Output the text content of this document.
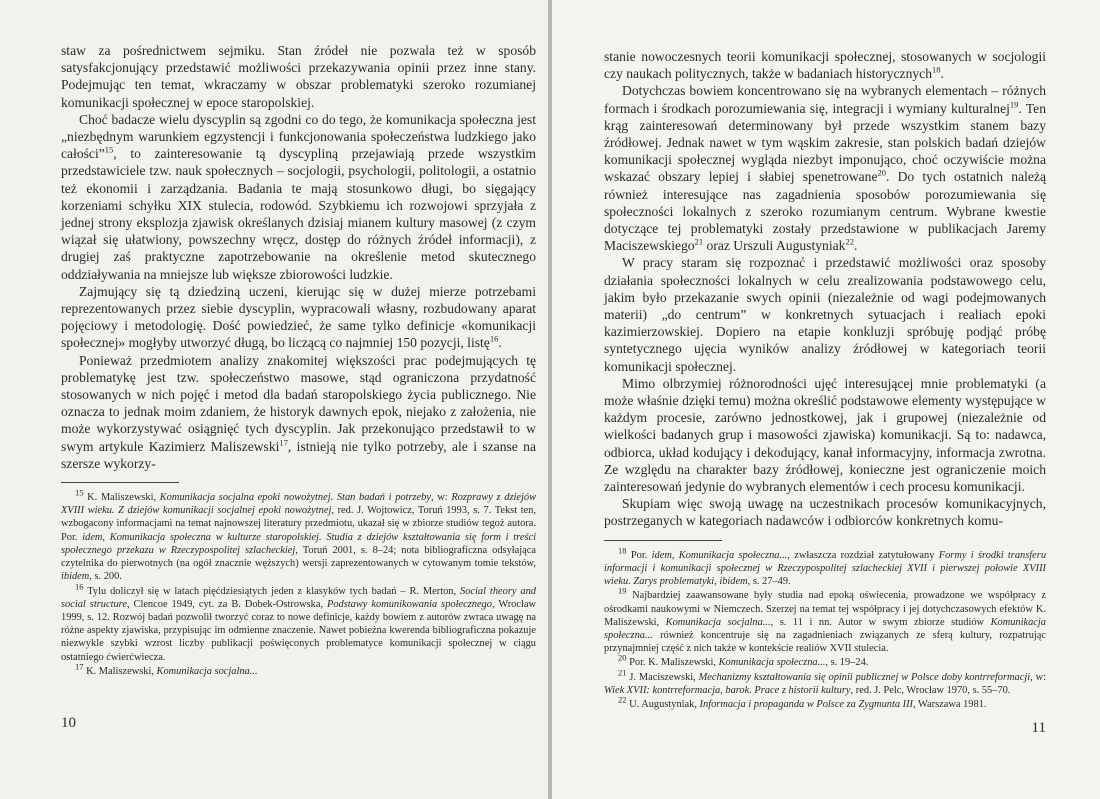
staw za pośrednictwem sejmiku. Stan źródeł nie pozwala też w sposób satysfakcjonujący przedstawić możliwości przekazywania opinii przez inne stany. Podejmując ten temat, wkraczamy w obszar problematyki szeroko rozumianej komunikacji społecznej w epoce staropolskiej.

Choć badacze wielu dyscyplin są zgodni co do tego, że komunikacja społeczna jest „niezbędnym warunkiem egzystencji i funkcjonowania społeczeństwa ludzkiego jako całości”$^{15}$, to zainteresowanie tą dyscypliną przejawiają przede wszystkim przedstawiciele tzw. nauk społecznych – socjologii, psychologii, politologii, a ostatnio też ekonomii i zarządzania. Badania te mają stosunkowo długi, bo sięgający korzeniami schyłku XIX stulecia, rodowód. Szybkiemu ich rozwojowi sprzyjała z jednej strony eksplozja zjawisk określanych dzisiaj mianem kultury masowej (z czym wiązał się ułatwiony, powszechny wręcz, dostęp do różnych źródeł informacji), z drugiej zaś praktyczne zapotrzebowanie na określenie metod skutecznego oddziaływania na mniejsze lub większe zbiorowości ludzkie.

Zajmujący się tą dziedziną uczeni, kierując się w dużej mierze potrzebami reprezentowanych przez siebie dyscyplin, wypracowali własny, rozbudowany aparat pojęciowy i metodologię. Dość powiedzieć, że same tylko definicje «komunikacji społecznej» mogłyby utworzyć długą, bo liczącą co najmniej 150 pozycji, listę$^{16}$.

Ponieważ przedmiotem analizy znakomitej większości prac podejmujących tę problematykę jest tzw. społeczeństwo masowe, stąd ograniczona przydatność stosowanych w nich pojęć i metod dla badań staropolskiego życia publicznego. Nie oznacza to jednak moim zdaniem, że historyk dawnych epok, niejako z założenia, nie może wykorzystywać osiągnięć tych dyscyplin. Jak przekonująco przedstawił to w swym artykule Kazimierz Maliszewski$^{17}$, istnieją nie tylko potrzeby, ale i szanse na szersze wykorzy-

$^{15}$ K. Maliszewski, Komunikacja socjalna epoki nowożytnej. Stan badań i potrzeby, w: Rozprawy z dziejów XVIII wieku. Z dziejów komunikacji socjalnej epoki nowożytnej, red. J. Wojtowicz, Toruń 1993, s. 7. Tekst ten, wzbogacony informacjami na temat najnowszej literatury przedmiotu, ukazał się w zbiorze studiów tegoż autora. Por. idem, Komunikacja społeczna w kulturze staropolskiej. Studia z dziejów kształtowania się form i treści społecznego przekazu w Rzeczypospolitej szlacheckiej, Toruń 2001, s. 8–24; nota bibliograficzna odsyłająca czytelnika do pierwotnych (na ogół znacznie węższych) wersji zaprezentowanych w cytowanym tomie tekstów, ibidem, s. 200.

$^{16}$ Tylu doliczył się w latach pięćdziesiątych jeden z klasyków tych badań – R. Merton, Social theory and social structure, Clencoe 1949, cyt. za B. Dobek-Ostrowska, Podstawy komunikowania społecznego, Wrocław 1999, s. 12. Rozwój badań pozwolił tworzyć coraz to nowe definicje, każdy bowiem z autorów zwraca uwagę na różne aspekty zjawiska, przypisując im odmienne znaczenie. Nawet pobieżna kwerenda bibliograficzna pokazuje niezwykle szybki wzrost liczby publikacji poświęconych problematyce komunikacji społecznej w ciągu ostatniego ćwierćwiecza.

$^{17}$ K. Maliszewski, Komunikacja socjalna...

10

stanie nowoczesnych teorii komunikacji społecznej, stosowanych w socjologii czy naukach politycznych, także w badaniach historycznych$^{18}$.

Dotychczas bowiem koncentrowano się na wybranych elementach – różnych formach i środkach porozumiewania się, integracji i wymiany kulturalnej$^{19}$. Ten krąg zainteresowań determinowany był przede wszystkim stanem bazy źródłowej. Jednak nawet w tym wąskim zakresie, stan polskich badań dziejów komunikacji społecznej wygląda niezbyt imponująco, choć oczywiście można wskazać obszary lepiej i słabiej spenetrowane$^{20}$. Do tych ostatnich należą również interesujące nas zagadnienia sposobów porozumiewania się społeczności lokalnych z szeroko rozumianym centrum. Wybrane kwestie dotyczące tej problematyki zostały przedstawione w publikacjach Jaremy Maciszewskiego$^{21}$ oraz Urszuli Augustyniak$^{22}$.

W pracy staram się rozpoznać i przedstawić możliwości oraz sposoby działania społeczności lokalnych w celu zrealizowania podstawowego celu, jakim było przekazanie swych opinii (niezależnie od wagi podejmowanych materii) „do centrum” w konkretnych sytuacjach i realiach epoki kazimierzowskiej. Dopiero na etapie konkluzji spróbuję podjąć próbę syntetycznego ujęcia wyników analizy źródłowej w kategoriach teorii komunikacji społecznej.

Mimo olbrzymiej różnorodności ujęć interesującej mnie problematyki (a może właśnie dzięki temu) można określić podstawowe elementy występujące w każdym procesie, zarówno jednostkowej, jak i grupowej (niezależnie od wielkości badanych grup i masowości zjawiska) komunikacji. Są to: nadawca, odbiorca, układ kodujący i dekodujący, kanał informacyjny, informacja zwrotna. Ze względu na charakter bazy źródłowej, konieczne jest ograniczenie moich zainteresowań jedynie do wybranych elementów i cech procesu komunikacji.

Skupiam więc swoją uwagę na uczestnikach procesów komunikacyjnych, postrzeganych w kategoriach nadawców i odbiorców konkretnych komu-

$^{18}$ Por. idem, Komunikacja społeczna..., zwłaszcza rozdział zatytułowany Formy i środki transferu informacji i komunikacji społecznej w Rzeczypospolitej szlacheckiej XVII i pierwszej połowie XVIII wieku. Zarys problematyki, ibidem, s. 27–49.

$^{19}$ Najbardziej zaawansowane były studia nad epoką oświecenia, prowadzone we współpracy z ośrodkami naukowymi w Niemczech. Szerzej na temat tej współpracy i jej dotychczasowych efektów K. Maliszewski, Komunikacja socjalna..., s. 11 i nn. Autor w swym zbiorze studiów Komunikacja społeczna... również koncentruje się na zagadnieniach związanych ze sferą kultury, rozpatrując przynajmniej część z nich także w kontekście realiów XVII stulecia.

$^{20}$ Por. K. Maliszewski, Komunikacja społeczna..., s. 19–24.

$^{21}$ J. Maciszewski, Mechanizmy kształtowania się opinii publicznej w Polsce doby kontrreformacji, w: Wiek XVII: kontrreformacja, barok. Prace z historii kultury, red. J. Pelc, Wrocław 1970, s. 55–70.

$^{22}$ U. Augustyniak, Informacja i propaganda w Polsce za Zygmunta III, Warszawa 1981.

11
